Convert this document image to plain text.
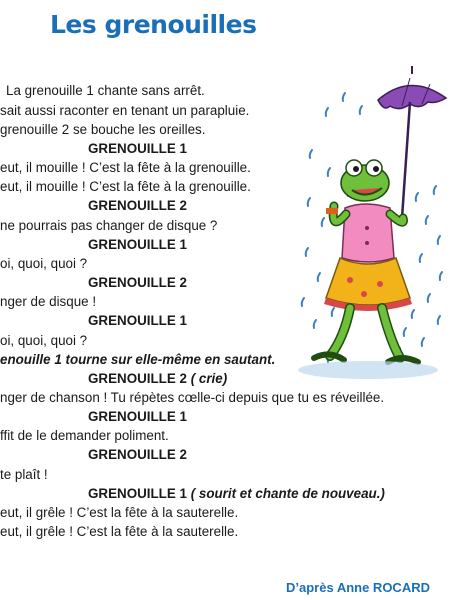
Les grenouilles
La grenouille 1 chante sans arrêt.
sait aussi raconter en tenant un parapluie.
grenouille 2 se bouche les oreilles.
GRENOUILLE 1
eut, il mouille ! C’est la fête à la grenouille.
eut, il mouille ! C’est la fête à la grenouille.
GRENOUILLE 2
ne pourrais pas changer de disque ?
GRENOUILLE 1
oi, quoi, quoi ?
GRENOUILLE 2
nger de disque !
GRENOUILLE 1
oi, quoi, quoi ?
enouille 1 tourne sur elle-même en sautant.
GRENOUILLE 2 ( crie)
nger de chanson ! Tu répètes cœlle-ci depuis que tu es réveillée.
GRENOUILLE 1
ffit de le demander poliment.
GRENOUILLE 2
te plaît !
GRENOUILLE 1 ( sourit et chante de nouveau.)
eut, il grêle ! C’est la fête à la sauterelle.
eut, il grêle ! C’est la fête à la sauterelle.
D’après Anne ROCARD
